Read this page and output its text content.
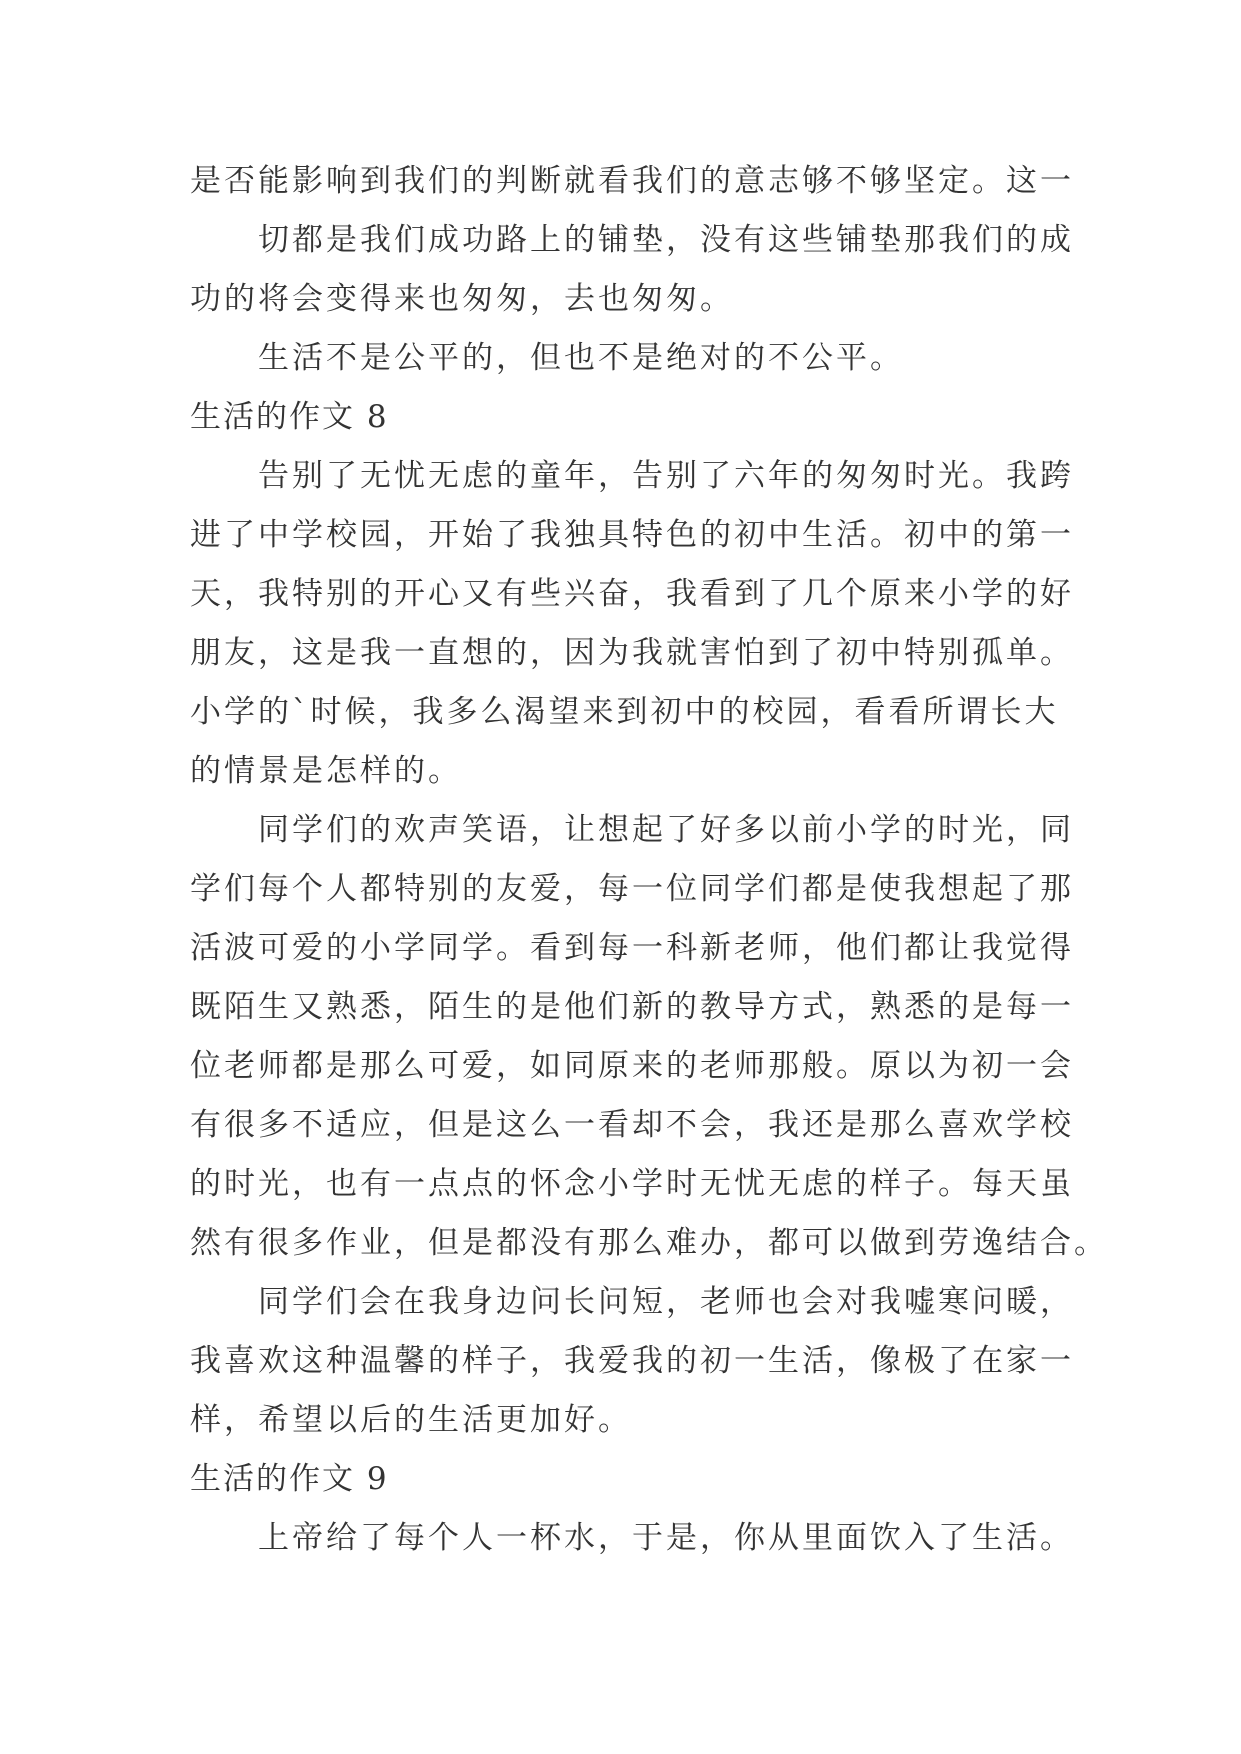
是否能影响到我们的判断就看我们的意志够不够坚定。这一
切都是我们成功路上的铺垫，没有这些铺垫那我们的成
功的将会变得来也匆匆，去也匆匆。
生活不是公平的，但也不是绝对的不公平。
生活的作文 8
告别了无忧无虑的童年，告别了六年的匆匆时光。我跨
进了中学校园，开始了我独具特色的初中生活。初中的第一
天，我特别的开心又有些兴奋，我看到了几个原来小学的好
朋友，这是我一直想的，因为我就害怕到了初中特别孤单。
小学的`时候，我多么渴望来到初中的校园，看看所谓长大
的情景是怎样的。
同学们的欢声笑语，让想起了好多以前小学的时光，同
学们每个人都特别的友爱，每一位同学们都是使我想起了那
活波可爱的小学同学。看到每一科新老师，他们都让我觉得
既陌生又熟悉，陌生的是他们新的教导方式，熟悉的是每一
位老师都是那么可爱，如同原来的老师那般。原以为初一会
有很多不适应，但是这么一看却不会，我还是那么喜欢学校
的时光，也有一点点的怀念小学时无忧无虑的样子。每天虽
然有很多作业，但是都没有那么难办，都可以做到劳逸结合。
同学们会在我身边问长问短，老师也会对我嘘寒问暖，
我喜欢这种温馨的样子，我爱我的初一生活，像极了在家一
样，希望以后的生活更加好。
生活的作文 9
上帝给了每个人一杯水，于是，你从里面饮入了生活。
